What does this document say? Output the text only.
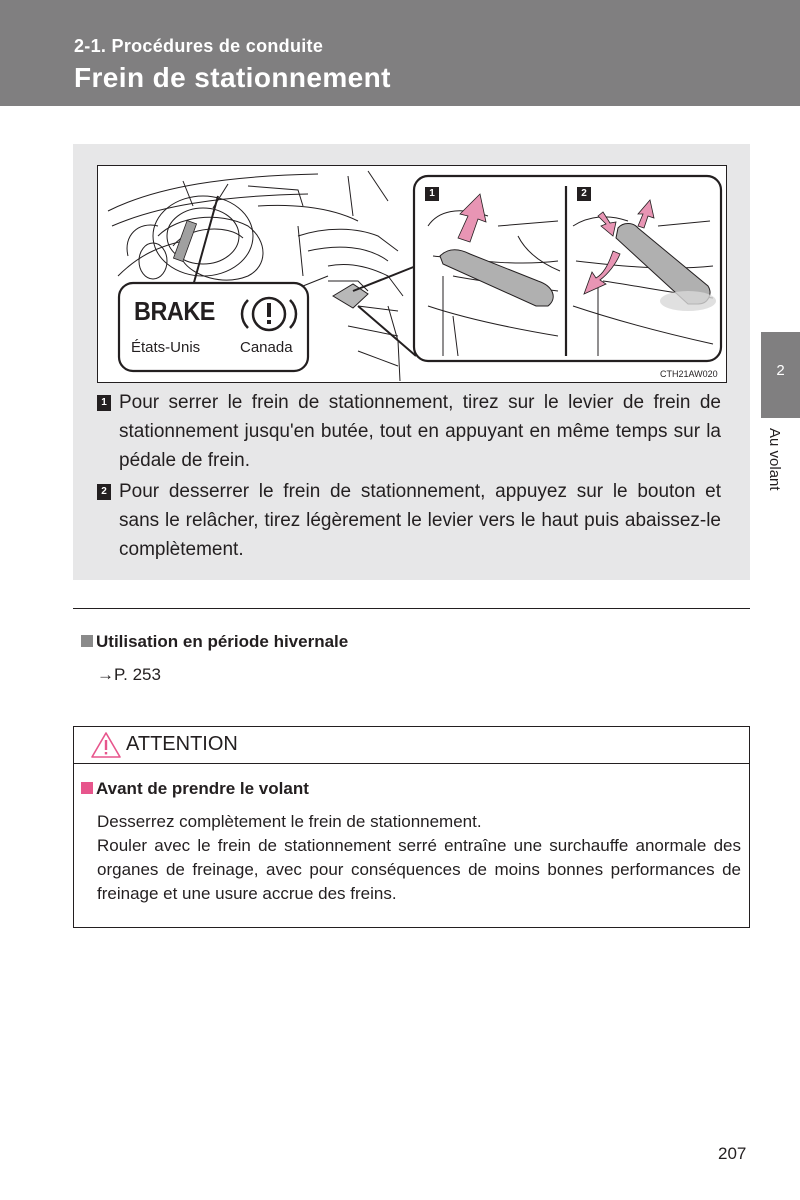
2-1. Procédures de conduite
Frein de stationnement
2
Au volant
BRAKE
États-Unis	Canada
1	2
CTH21AW020
1 Pour serrer le frein de stationnement, tirez sur le levier de frein de stationnement jusqu'en butée, tout en appuyant en même temps sur la pédale de frein.
2 Pour desserrer le frein de stationnement, appuyez sur le bouton et sans le relâcher, tirez légèrement le levier vers le haut puis abaissez-le complètement.
Utilisation en période hivernale
→P. 253
ATTENTION
Avant de prendre le volant

Desserrez complètement le frein de stationnement.

Rouler avec le frein de stationnement serré entraîne une surchauffe anormale des organes de freinage, avec pour conséquences de moins bonnes performances de freinage et une usure accrue des freins.

207
